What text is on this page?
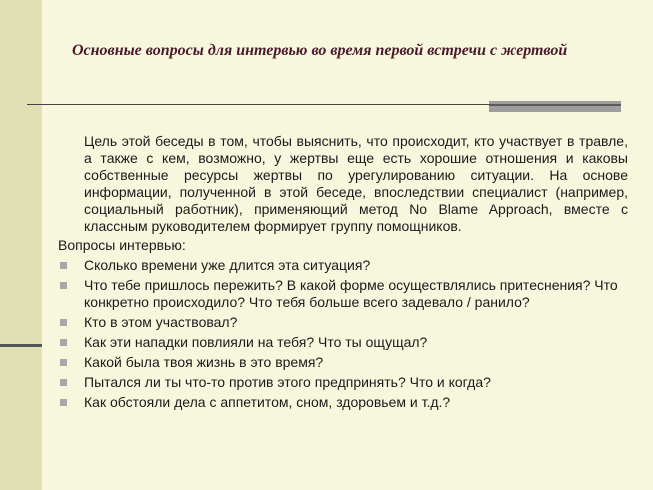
Основные вопросы для интервью во время первой встречи с жертвой

Цель этой беседы в том, чтобы выяснить, что происходит, кто участвует в травле, а также с кем, возможно, у жертвы еще есть хорошие отношения и каковы собственные ресурсы жертвы по урегулированию ситуации. На основе информации, полученной в этой беседе, впоследствии специалист (например, социальный работник), применяющий метод No Blame Approach, вместе с классным руководителем формирует группу помощников.

Вопросы интервью:
Сколько времени уже длится эта ситуация?
Что тебе пришлось пережить? В какой форме осуществлялись притеснения? Что конкретно происходило? Что тебя больше всего задевало / ранило?
Кто в этом участвовал?
Как эти нападки повлияли на тебя? Что ты ощущал?
Какой была твоя жизнь в это время?
Пытался ли ты что-то против этого предпринять? Что и когда?
Как обстояли дела с аппетитом, сном, здоровьем и т.д.?
